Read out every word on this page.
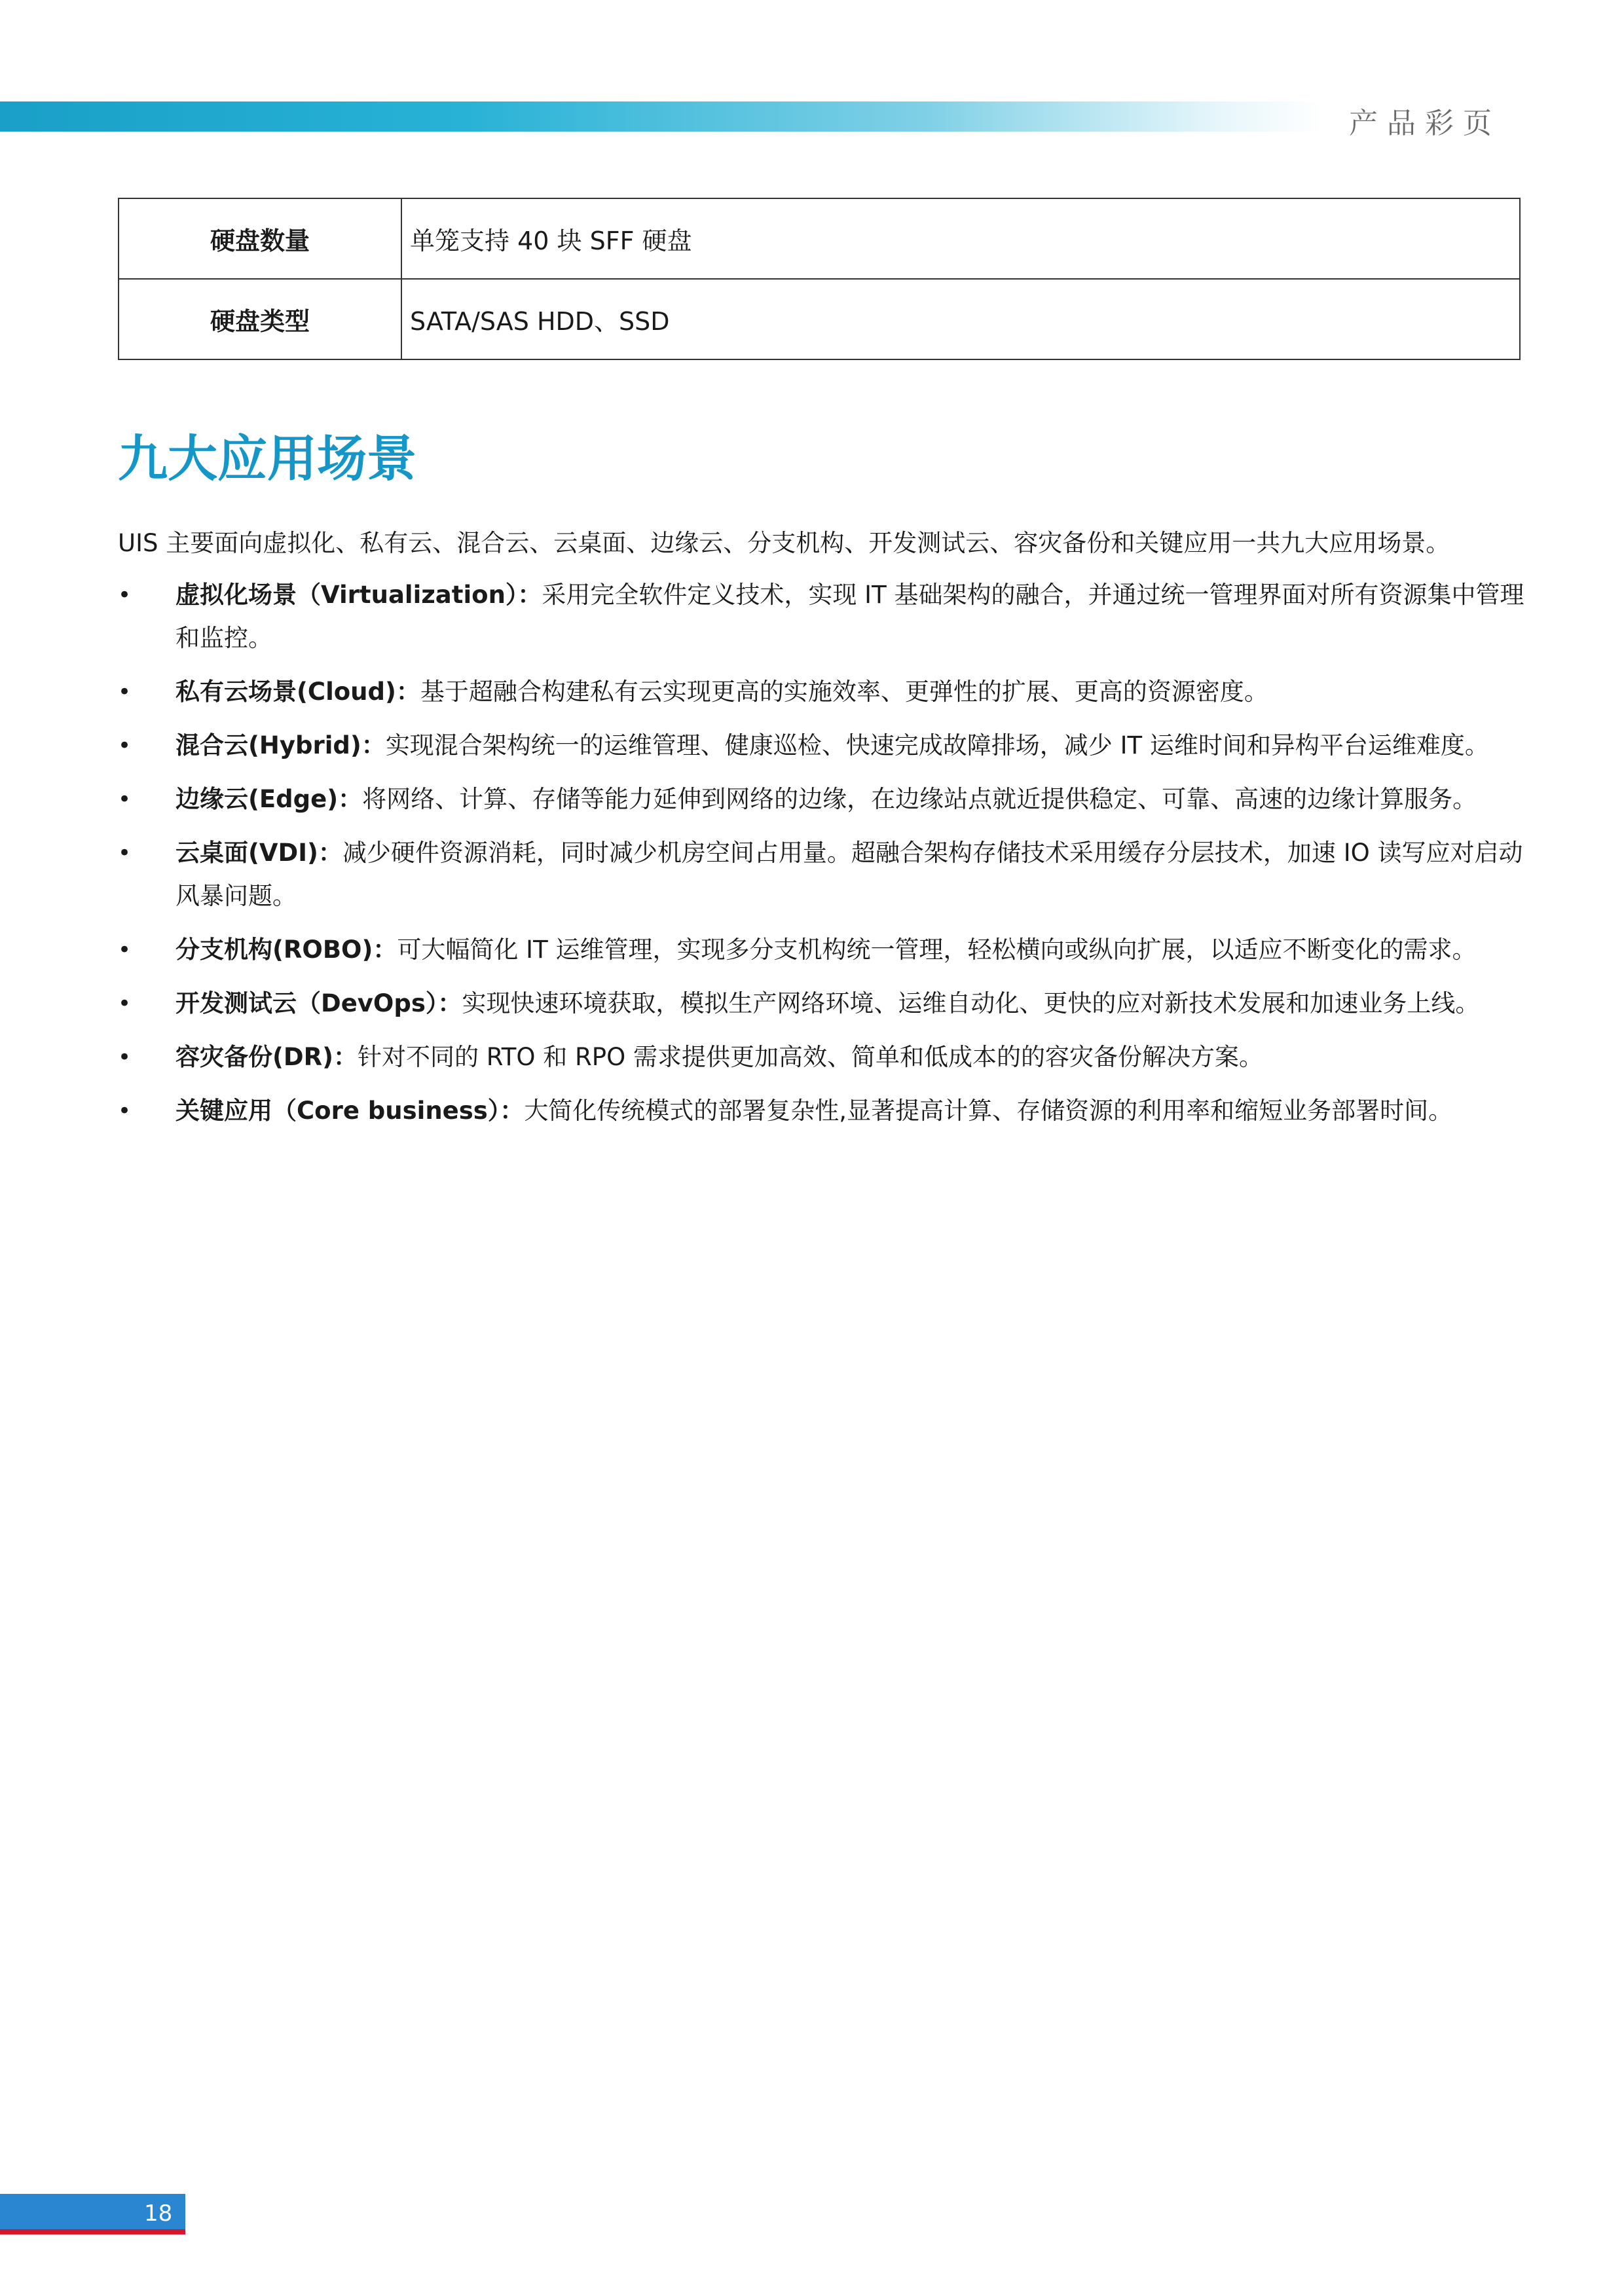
产品彩页
硬盘数量	单笼支持 40 块 SFF 硬盘
硬盘类型	SATA/SAS HDD、SSD
九大应用场景

UIS 主要面向虚拟化、私有云、混合云、云桌面、边缘云、分支机构、开发测试云、容灾备份和关键应用一共九大应用场景。

• 虚拟化场景（Virtualization）：采用完全软件定义技术，实现 IT 基础架构的融合，并通过统一管理界面对所有资源集中管理和监控。
• 私有云场景(Cloud)：基于超融合构建私有云实现更高的实施效率、更弹性的扩展、更高的资源密度。
• 混合云(Hybrid)：实现混合架构统一的运维管理、健康巡检、快速完成故障排场，减少 IT 运维时间和异构平台运维难度。
• 边缘云(Edge)：将网络、计算、存储等能力延伸到网络的边缘，在边缘站点就近提供稳定、可靠、高速的边缘计算服务。
• 云桌面(VDI)：减少硬件资源消耗，同时减少机房空间占用量。超融合架构存储技术采用缓存分层技术，加速 IO 读写应对启动风暴问题。
• 分支机构(ROBO)：可大幅简化 IT 运维管理，实现多分支机构统一管理，轻松横向或纵向扩展，以适应不断变化的需求。
• 开发测试云（DevOps）：实现快速环境获取，模拟生产网络环境、运维自动化、更快的应对新技术发展和加速业务上线。
• 容灾备份(DR)：针对不同的 RTO 和 RPO 需求提供更加高效、简单和低成本的的容灾备份解决方案。
• 关键应用（Core business）：大简化传统模式的部署复杂性,显著提高计算、存储资源的利用率和缩短业务部署时间。
18
